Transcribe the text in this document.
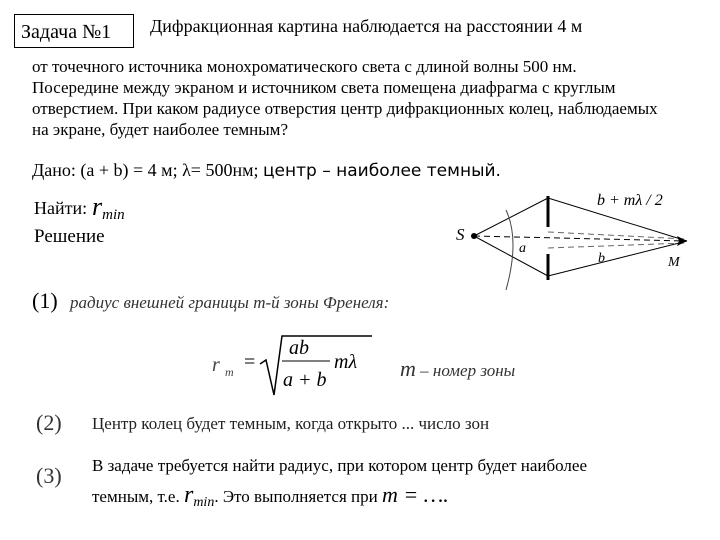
Задача №1	Дифракционная картина наблюдается на расстоянии 4 м
от точечного источника монохроматического света с длиной волны 500 нм.
Посередине между экраном и источником света помещена диафрагма с круглым
отверстием. При каком радиусе отверстия центр дифракционных колец, наблюдаемых
на экране, будет наиболее темным?
Дано: (a + b) = 4 м; λ= 500нм; центр – наиболее темный.
Найти: $r_{min}$
Решение	S
a
b	M
b + mλ / 2
r m =
ab
a + b
mλ
(1) радиус внешней границы m-й зоны Френеля:
m – номер зоны
(2) Центр колец будет темным, когда открыто ... число зон
(3) В задаче требуется найти радиус, при котором центр будет наиболее
темным, т.е. $r_{min}$. Это выполняется при m = ….
